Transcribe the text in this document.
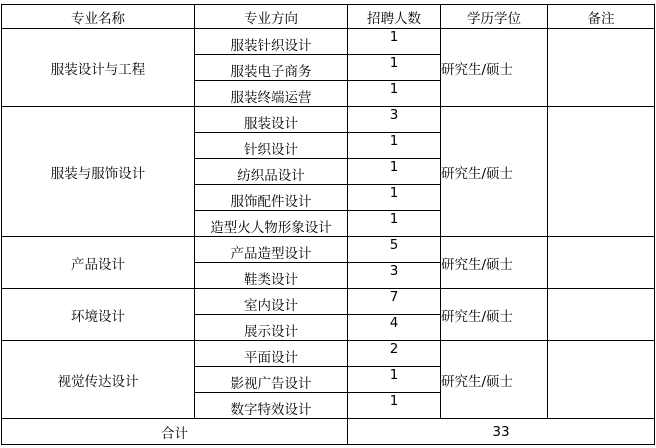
专业名称	专业方向	招聘人数	学历学位	备注
服装设计与工程	服装针织设计	1	研究生/硕士	
	服装电子商务	1		
	服装终端运营	1		
服装与服饰设计	服装设计	3	研究生/硕士	
	针织设计	1		
	纺织品设计	1		
	服饰配件设计	1		
	造型火人物形象设计	1		
产品设计	产品造型设计	5	研究生/硕士	
	鞋类设计	3		
环境设计	室内设计	7	研究生/硕士	
	展示设计	4		
视觉传达设计	平面设计	2	研究生/硕士	
	影视广告设计	1		
	数字特效设计	1		
合计		33		
